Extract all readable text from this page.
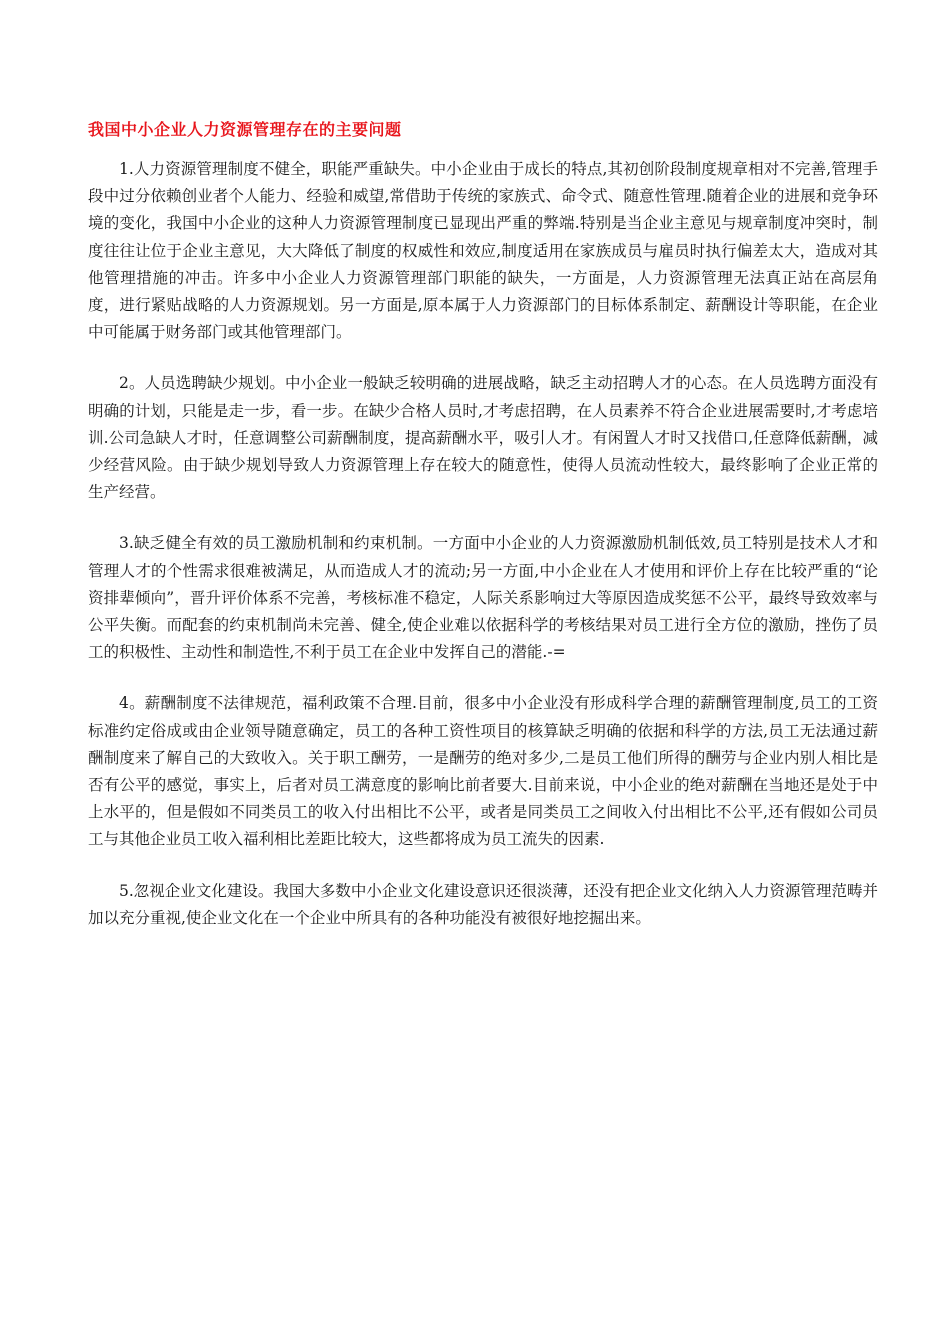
我国中小企业人力资源管理存在的主要问题

1.人力资源管理制度不健全，职能严重缺失。中小企业由于成长的特点,其初创阶段制度规章相对不完善,管理手段中过分依赖创业者个人能力、经验和威望,常借助于传统的家族式、命令式、随意性管理.随着企业的进展和竞争环境的变化，我国中小企业的这种人力资源管理制度已显现出严重的弊端.特别是当企业主意见与规章制度冲突时，制度往往让位于企业主意见，大大降低了制度的权威性和效应,制度适用在家族成员与雇员时执行偏差太大，造成对其他管理措施的冲击。许多中小企业人力资源管理部门职能的缺失，一方面是，人力资源管理无法真正站在高层角度，进行紧贴战略的人力资源规划。另一方面是,原本属于人力资源部门的目标体系制定、薪酬设计等职能，在企业中可能属于财务部门或其他管理部门。

2。人员选聘缺少规划。中小企业一般缺乏较明确的进展战略，缺乏主动招聘人才的心态。在人员选聘方面没有明确的计划，只能是走一步，看一步。在缺少合格人员时,才考虑招聘，在人员素养不符合企业进展需要时,才考虑培训.公司急缺人才时，任意调整公司薪酬制度，提高薪酬水平，吸引人才。有闲置人才时又找借口,任意降低薪酬，减少经营风险。由于缺少规划导致人力资源管理上存在较大的随意性，使得人员流动性较大，最终影响了企业正常的生产经营。

3.缺乏健全有效的员工激励机制和约束机制。一方面中小企业的人力资源激励机制低效,员工特别是技术人才和管理人才的个性需求很难被满足，从而造成人才的流动;另一方面,中小企业在人才使用和评价上存在比较严重的“论资排辈倾向”，晋升评价体系不完善，考核标准不稳定，人际关系影响过大等原因造成奖惩不公平，最终导致效率与公平失衡。而配套的约束机制尚未完善、健全,使企业难以依据科学的考核结果对员工进行全方位的激励，挫伤了员工的积极性、主动性和制造性,不利于员工在企业中发挥自己的潜能.-=

4。薪酬制度不法律规范，福利政策不合理.目前，很多中小企业没有形成科学合理的薪酬管理制度,员工的工资标准约定俗成或由企业领导随意确定，员工的各种工资性项目的核算缺乏明确的依据和科学的方法,员工无法通过薪酬制度来了解自己的大致收入。关于职工酬劳，一是酬劳的绝对多少,二是员工他们所得的酬劳与企业内别人相比是否有公平的感觉，事实上，后者对员工满意度的影响比前者要大.目前来说，中小企业的绝对薪酬在当地还是处于中上水平的，但是假如不同类员工的收入付出相比不公平，或者是同类员工之间收入付出相比不公平,还有假如公司员工与其他企业员工收入福利相比差距比较大，这些都将成为员工流失的因素.

5.忽视企业文化建设。我国大多数中小企业文化建设意识还很淡薄，还没有把企业文化纳入人力资源管理范畴并加以充分重视,使企业文化在一个企业中所具有的各种功能没有被很好地挖掘出来。
